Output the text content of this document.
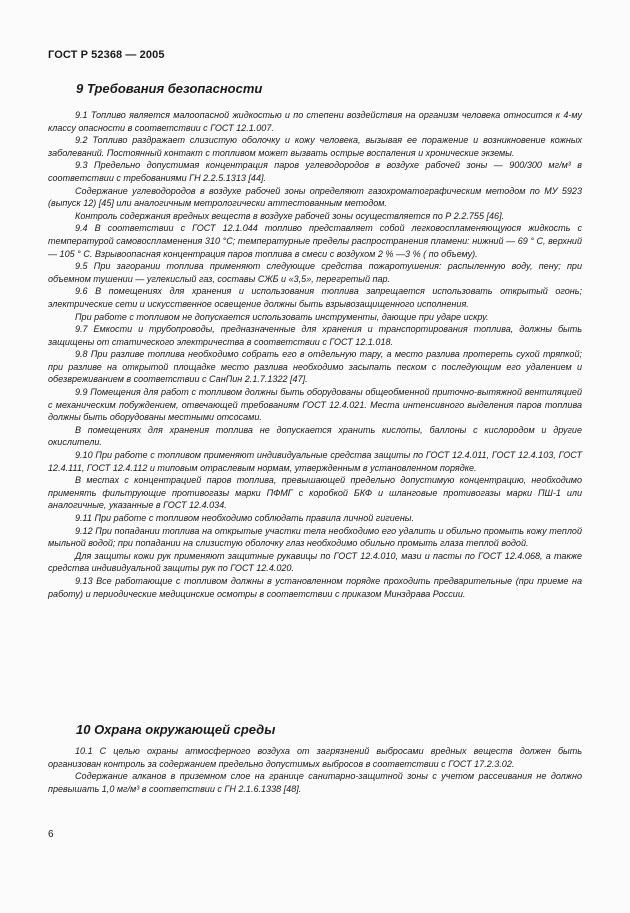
ГОСТ Р 52368 — 2005
9 Требования безопасности

9.1 Топливо является малоопасной жидкостью и по степени воздействия на организм человека относится к 4-му классу опасности в соответствии с ГОСТ 12.1.007.

9.2 Топливо раздражает слизистую оболочку и кожу человека, вызывая ее поражение и возникновение кожных заболеваний. Постоянный контакт с топливом может вызвать острые воспаления и хронические экземы.

9.3 Предельно допустимая концентрация паров углеводородов в воздухе рабочей зоны — 900/300 мг/м³ в соответствии с требованиями ГН 2.2.5.1313 [44].

Содержание углеводородов в воздухе рабочей зоны определяют газохроматографическим методом по МУ 5923 (выпуск 12) [45] или аналогичным метрологически аттестованным методом.

Контроль содержания вредных веществ в воздухе рабочей зоны осуществляется по Р 2.2.755 [46].

9.4 В соответствии с ГОСТ 12.1.044 топливо представляет собой легковоспламеняющуюся жидкость с температурой самовоспламенения 310 °С; температурные пределы распространения пламени: нижний — 69 ° С, верхний — 105 ° С. Взрывоопасная концентрация паров топлива в смеси с воздухом 2 % —3 % ( по объему).

9.5 При загорании топлива применяют следующие средства пожаротушения: распыленную воду, пену; при объемном тушении — углекислый газ, составы СЖБ и «3,5», перегретый пар.

9.6 В помещениях для хранения и использования топлива запрещается использовать открытый огонь; электрические сети и искусственное освещение должны быть взрывозащищенного исполнения.

При работе с топливом не допускается использовать инструменты, дающие при ударе искру.

9.7 Емкости и трубопроводы, предназначенные для хранения и транспортирования топлива, должны быть защищены от статического электричества в соответствии с ГОСТ 12.1.018.

9.8 При разливе топлива необходимо собрать его в отдельную тару, а место разлива протереть сухой тряпкой; при разливе на открытой площадке место разлива необходимо засыпать песком с последующим его удалением и обезвреживанием в соответствии с СанПин 2.1.7.1322 [47].

9.9 Помещения для работ с топливом должны быть оборудованы общеобменной приточно-вытяжной вентиляцией с механическим побуждением, отвечающей требованиям ГОСТ 12.4.021. Места интенсивного выделения паров топлива должны быть оборудованы местными отсосами.

В помещениях для хранения топлива не допускается хранить кислоты, баллоны с кислородом и другие окислители.

9.10 При работе с топливом применяют индивидуальные средства защиты по ГОСТ 12.4.011, ГОСТ 12.4.103, ГОСТ 12.4.111, ГОСТ 12.4.112 и типовым отраслевым нормам, утвержденным в установленном порядке.

В местах с концентрацией паров топлива, превышающей предельно допустимую концентрацию, необходимо применять фильтрующие противогазы марки ПФМГ с коробкой БКФ и шланговые противогазы марки ПШ-1 или аналогичные, указанные в ГОСТ 12.4.034.

9.11 При работе с топливом необходимо соблюдать правила личной гигиены.

9.12 При попадании топлива на открытые участки тела необходимо его удалить и обильно промыть кожу теплой мыльной водой; при попадании на слизистую оболочку глаз необходимо обильно промыть глаза теплой водой.

Для защиты кожи рук применяют защитные рукавицы по ГОСТ 12.4.010, мази и пасты по ГОСТ 12.4.068, а также средства индивидуальной защиты рук по ГОСТ 12.4.020.

9.13 Все работающие с топливом должны в установленном порядке проходить предварительные (при приеме на работу) и периодические медицинские осмотры в соответствии с приказом Минздрава России.

10 Охрана окружающей среды

10.1 С целью охраны атмосферного воздуха от загрязнений выбросами вредных веществ должен быть организован контроль за содержанием предельно допустимых выбросов в соответствии с ГОСТ 17.2.3.02.

Содержание алканов в приземном слое на границе санитарно-защитной зоны с учетом рассеивания не должно превышать 1,0 мг/м³ в соответствии с ГН 2.1.6.1338 [48].

6
